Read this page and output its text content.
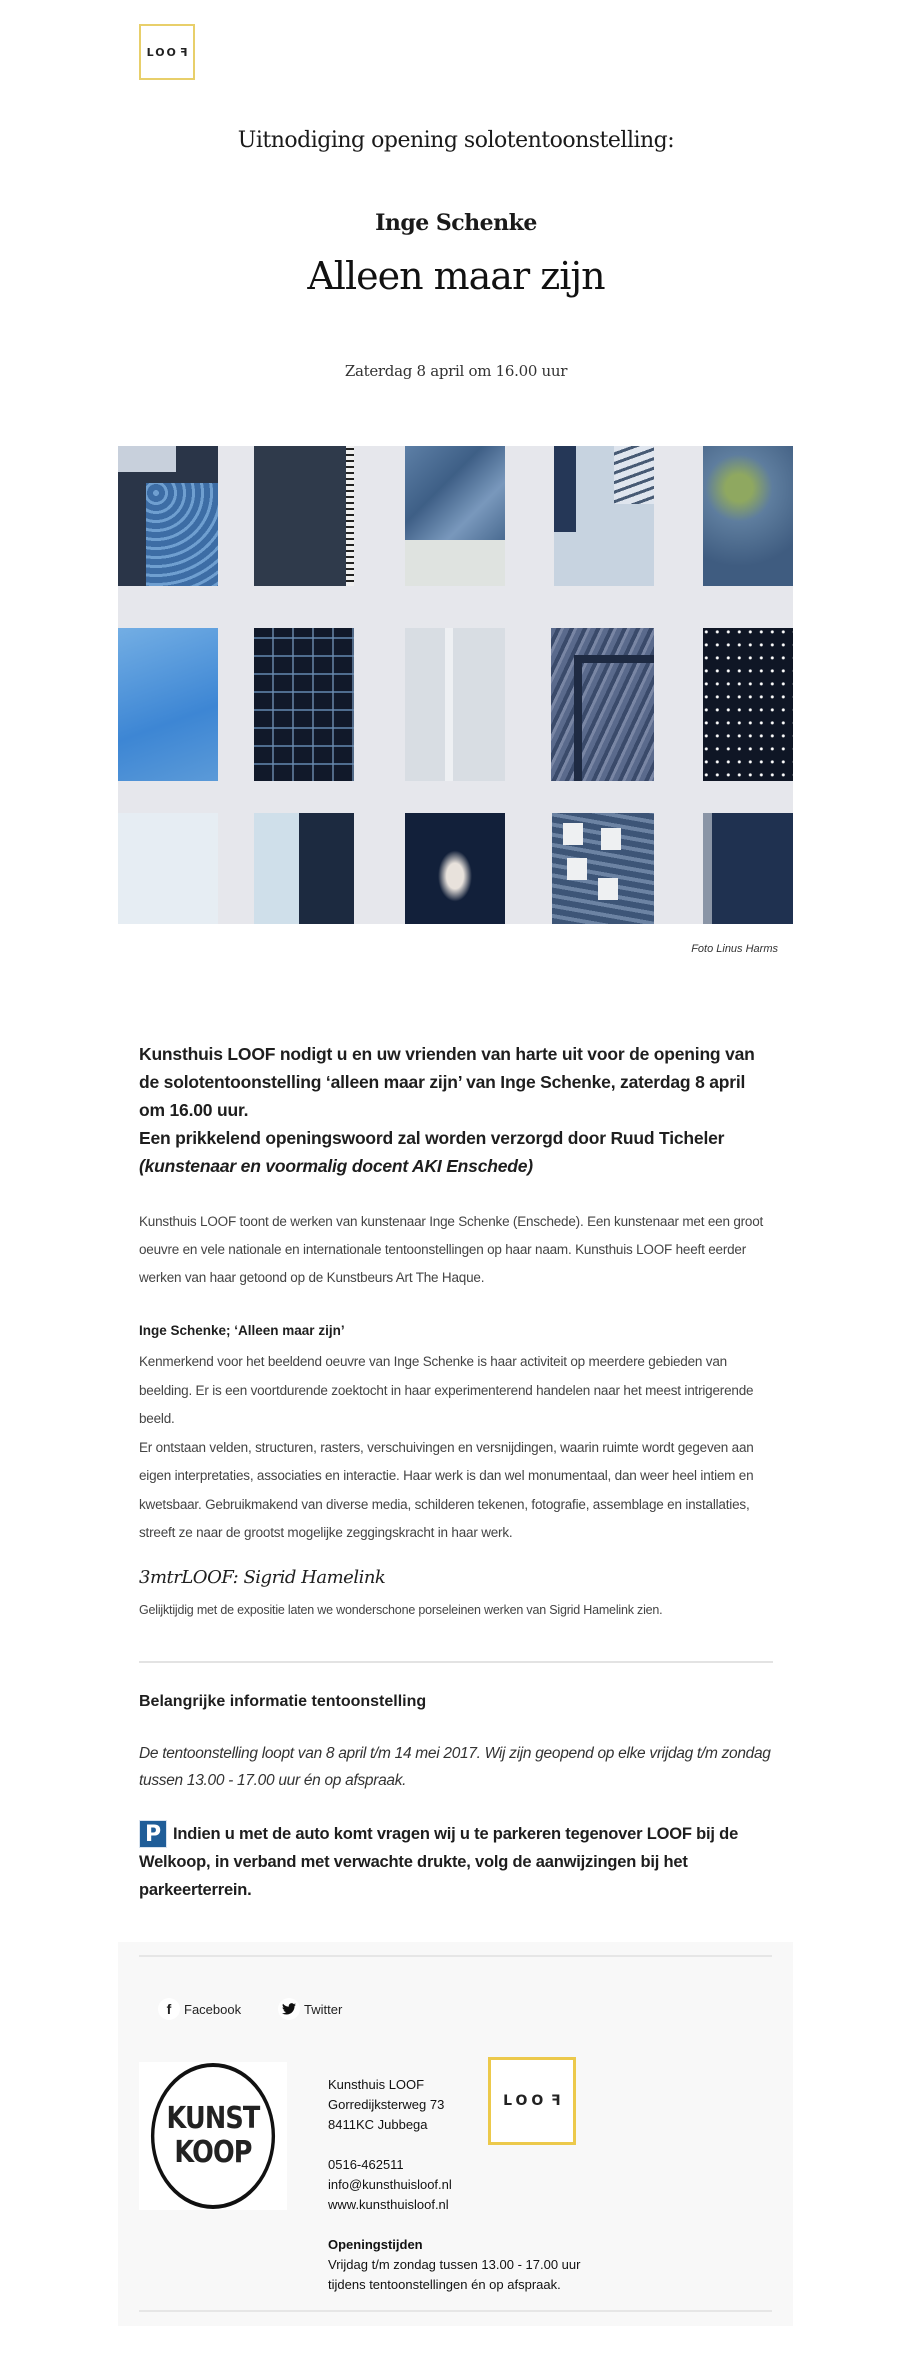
LOOF
Uitnodiging opening solotentoonstelling:
Inge Schenke
Alleen maar zijn
Zaterdag 8 april om 16.00 uur
Foto Linus Harms
Kunsthuis LOOF nodigt u en uw vrienden van harte uit voor de opening van de solotentoonstelling ‘alleen maar zijn’ van Inge Schenke, zaterdag 8 april om 16.00 uur.
Een prikkelend openingswoord zal worden verzorgd door Ruud Ticheler
(kunstenaar en voormalig docent AKI Enschede)
Kunsthuis LOOF toont de werken van kunstenaar Inge Schenke (Enschede). Een kunstenaar met een groot oeuvre en vele nationale en internationale tentoonstellingen op haar naam. Kunsthuis LOOF heeft eerder werken van haar getoond op de Kunstbeurs Art The Haque.
Inge Schenke; ‘Alleen maar zijn’
Kenmerkend voor het beeldend oeuvre van Inge Schenke is haar activiteit op meerdere gebieden van beelding. Er is een voortdurende zoektocht in haar experimenterend handelen naar het meest intrigerende beeld.
Er ontstaan velden, structuren, rasters, verschuivingen en versnijdingen, waarin ruimte wordt gegeven aan eigen interpretaties, associaties en interactie. Haar werk is dan wel monumentaal, dan weer heel intiem en kwetsbaar. Gebruikmakend van diverse media, schilderen tekenen, fotografie, assemblage en installaties, streeft ze naar de grootst mogelijke zeggingskracht in haar werk.
3mtrLOOF: Sigrid Hamelink
Gelijktijdig met de expositie laten we wonderschone porseleinen werken van Sigrid Hamelink zien.
Belangrijke informatie tentoonstelling
De tentoonstelling loopt van 8 april t/m 14 mei 2017. Wij zijn geopend op elke vrijdag t/m zondag tussen 13.00 - 17.00 uur én op afspraak.
P Indien u met de auto komt vragen wij u te parkeren tegenover LOOF bij de Welkoop, in verband met verwachte drukte, volg de aanwijzingen bij het parkeerterrein.
f Facebook	Twitter
KUNST
KOOP
Kunsthuis LOOF
Gorredijksterweg 73
8411KC Jubbega
0516-462511
info@kunsthuisloof.nl
www.kunsthuisloof.nl
Openingstijden
Vrijdag t/m zondag tussen 13.00 - 17.00 uur
tijdens tentoonstellingen én op afspraak.
LOOF
